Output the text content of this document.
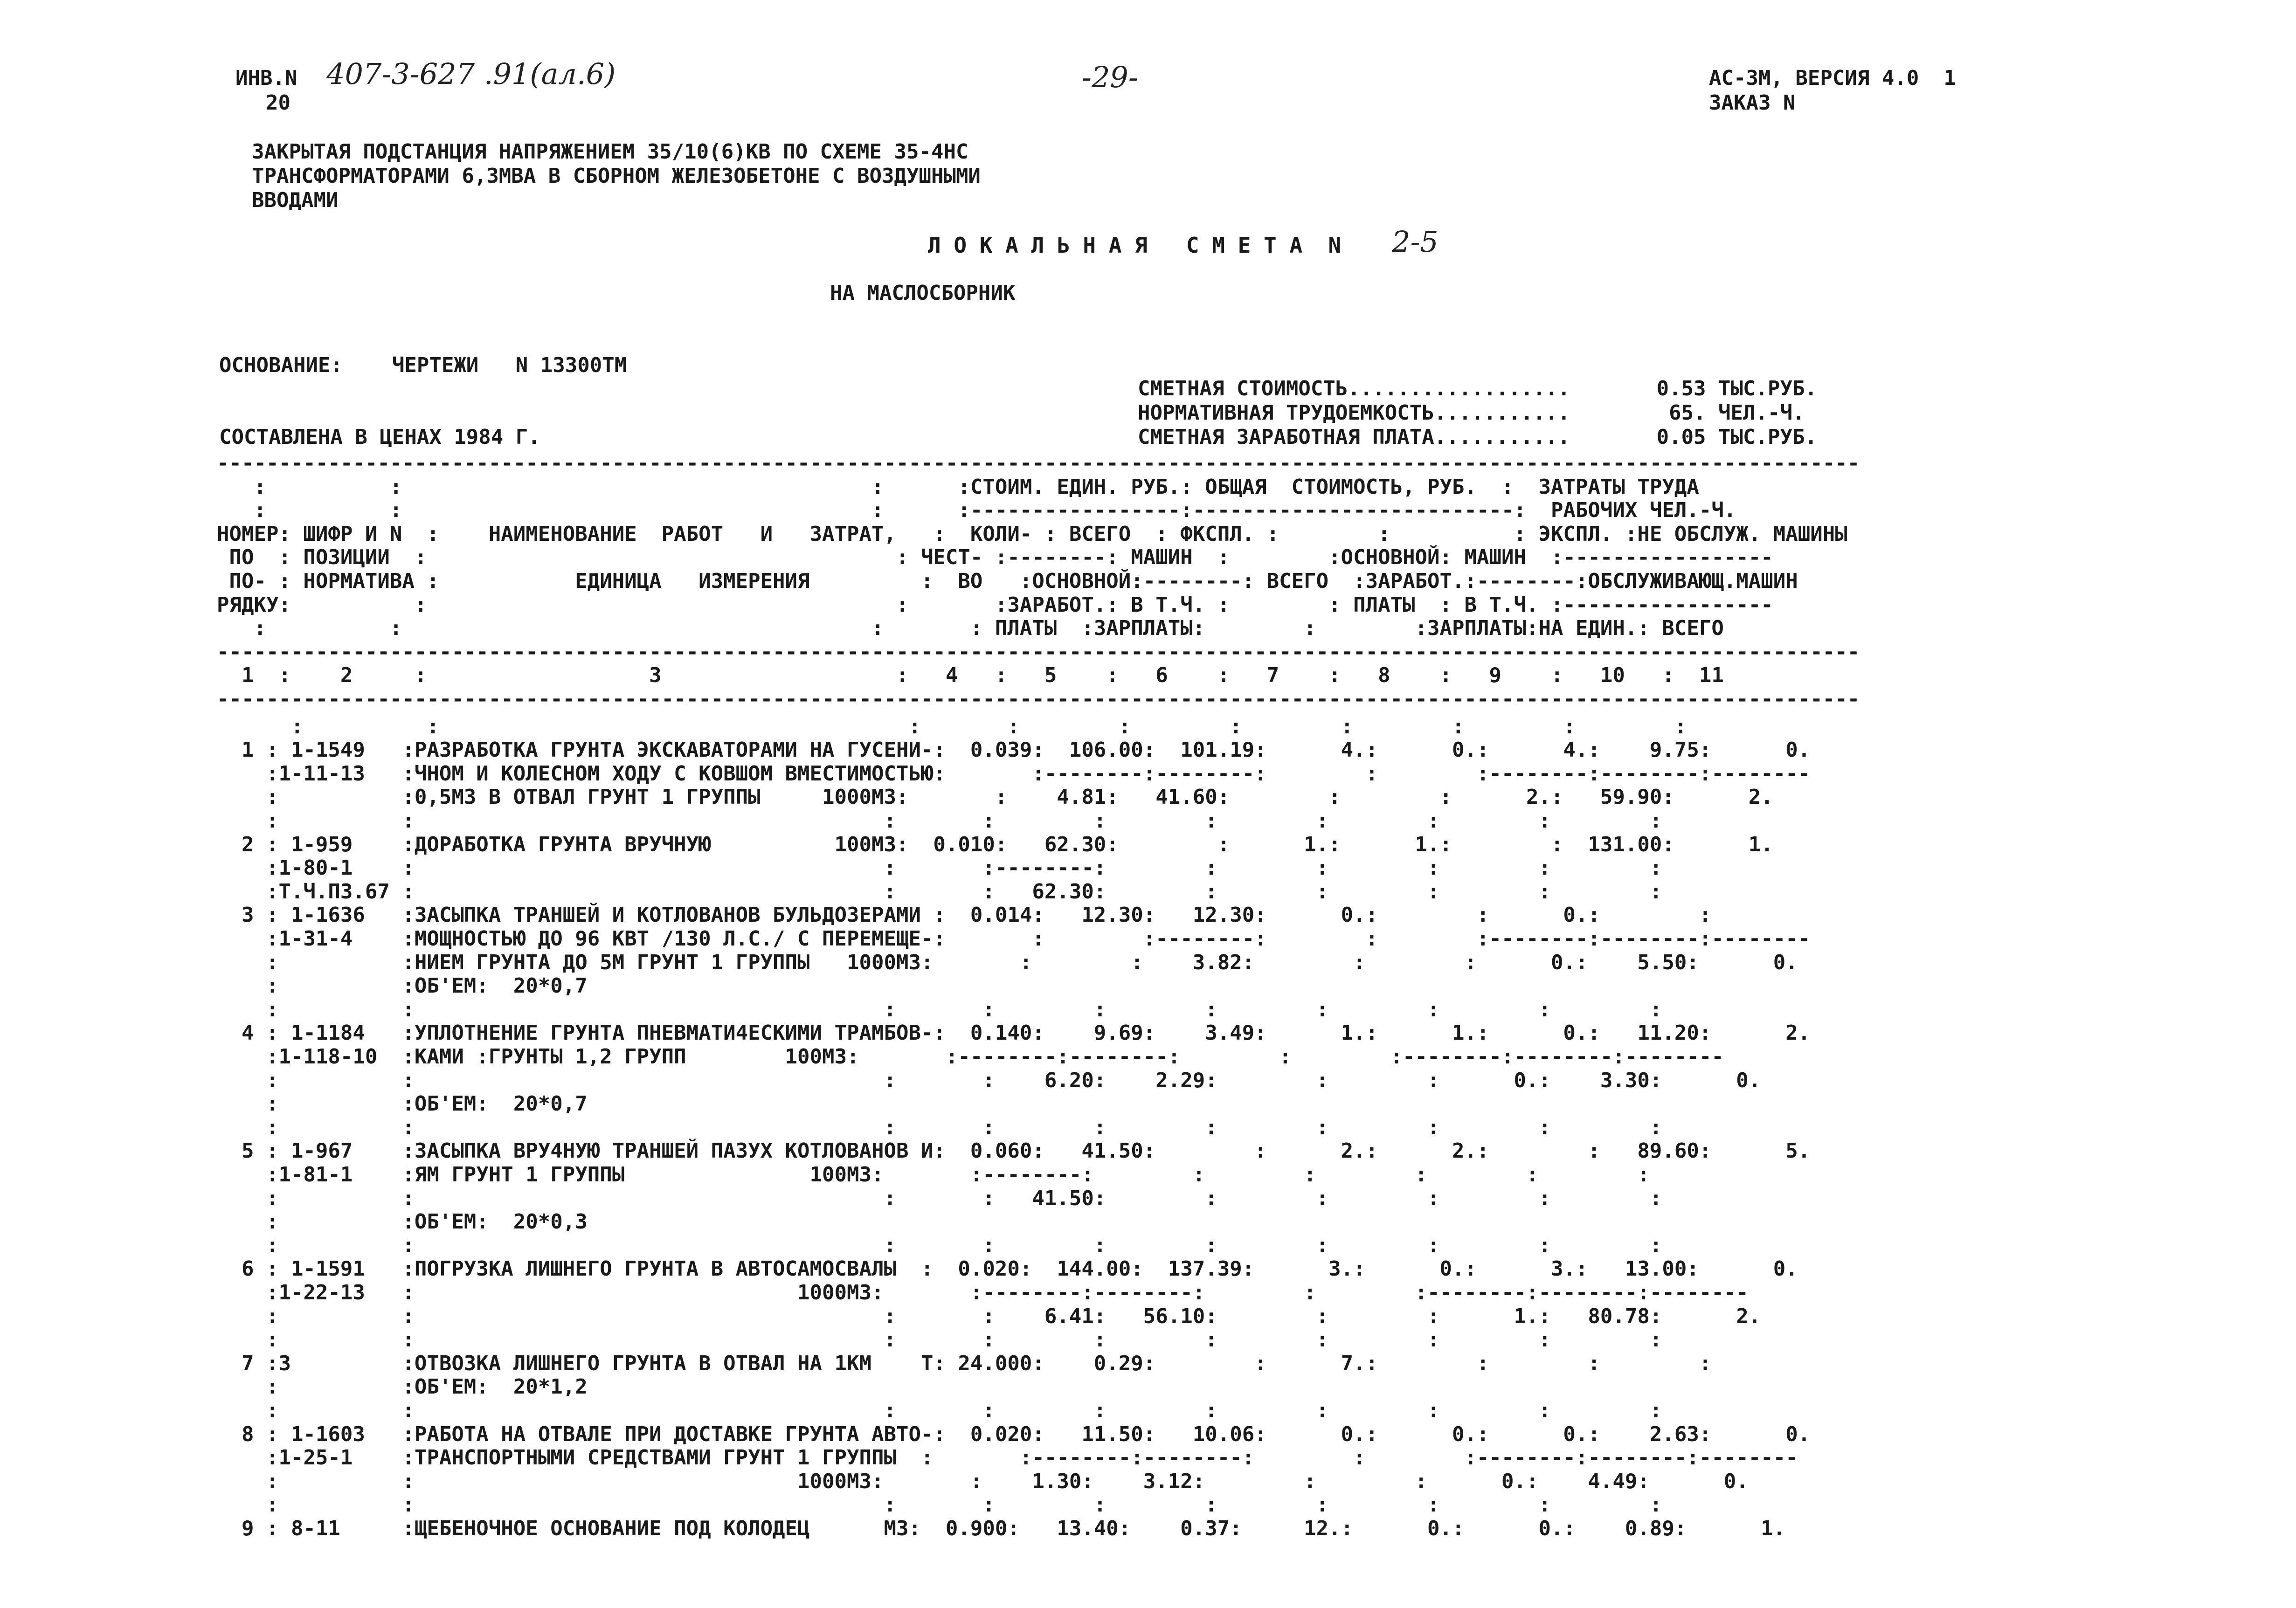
ИНВ.N 407-3-627 .91(ал.6)	-29-
20
АС-3М, ВЕРСИЯ 4.0  1
ЗАКАЗ N
ЗАКРЫТАЯ ПОДСТАНЦИЯ НАПРЯЖЕНИЕМ 35/10(6)КВ ПО СХЕМЕ 35-4НС
ТРАНСФОРМАТОРАМИ 6,3МВА В СБОРНОМ ЖЕЛЕЗОБЕТОНЕ С ВОЗДУШНЫМИ
ВВОДАМИ
Л О К А Л Ь Н А Я   С М Е Т А  N 2-5
НА МАСЛОСБОРНИК
ОСНОВАНИЕ:    ЧЕРТЕЖИ   N 13300ТМ
СМЕТНАЯ СТОИМОСТЬ..................       0.53 ТЫС.РУБ.
НОРМАТИВНАЯ ТРУДОЕМКОСТЬ...........        65. ЧЕЛ.-Ч.
СМЕТНАЯ ЗАРАБОТНАЯ ПЛАТА...........       0.05 ТЫС.РУБ.
СОСТАВЛЕНА В ЦЕНАХ 1984 Г.
-------------------------------------------------------------------------------------------------------------------------------------
:          :                                      :      :СТОИМ. ЕДИН. РУБ.: ОБЩАЯ  СТОИМОСТЬ, РУБ.  :  ЗАТРАТЫ ТРУДА
:          :                                      :      :-----------------:--------------------------:  РАБОЧИХ ЧЕЛ.-Ч.
НОМЕР: ШИФР И N  :    НАИМЕНОВАНИЕ  РАБОТ   И   ЗАТРАТ,   :  КОЛИ- : ВСЕГО  : ФКСПЛ. :        :          : ЭКСПЛ. :НЕ ОБСЛУЖ. МАШИНЫ
ПО  : ПОЗИЦИИ  :                                      : ЧЕСТ- :--------: МАШИН  :        :ОСНОВНОЙ: МАШИН  :-----------------
ПО- : НОРМАТИВА :           ЕДИНИЦА   ИЗМЕРЕНИЯ         :  ВО   :ОСНОВНОЙ:--------: ВСЕГО  :ЗАРАБОТ.:--------:ОБСЛУЖИВАЮЩ.МАШИН
РЯДКУ:          :                                      :       :ЗАРАБОТ.: В Т.Ч. :        : ПЛАТЫ  : В Т.Ч. :-----------------
:          :                                      :       : ПЛАТЫ  :ЗАРПЛАТЫ:        :        :ЗАРПЛАТЫ:НА ЕДИН.: ВСЕГО
-------------------------------------------------------------------------------------------------------------------------------------
1  :    2     :                  3                   :   4   :   5    :   6    :   7    :   8    :   9    :   10   :  11
-------------------------------------------------------------------------------------------------------------------------------------
:          :                                      :       :        :        :        :        :        :        :
1 : 1-1549   :РАЗРАБОТКА ГРУНТА ЭКСКАВАТОРАМИ НА ГУСЕНИ-:  0.039:  106.00:  101.19:      4.:      0.:      4.:    9.75:      0.
:1-11-13   :ЧНОМ И КОЛЕСНОМ ХОДУ С КОВШОМ ВМЕСТИМОСТЬЮ:       :--------:--------:        :        :--------:--------:--------
:          :0,5М3 В ОТВАЛ ГРУНТ 1 ГРУППЫ     1000М3:       :    4.81:   41.60:        :        :      2.:   59.90:      2.
:          :                                      :       :        :        :        :        :        :        :
2 : 1-959    :ДОРАБОТКА ГРУНТА ВРУЧНУЮ          100М3:  0.010:   62.30:        :      1.:      1.:        :  131.00:      1.
:1-80-1    :                                      :       :--------:        :        :        :        :        :
:Т.Ч.П3.67 :                                      :       :   62.30:        :        :        :        :        :
3 : 1-1636   :ЗАСЫПКА ТРАНШЕЙ И КОТЛОВАНОВ БУЛЬДОЗЕРАМИ :  0.014:   12.30:   12.30:      0.:        :      0.:        :
:1-31-4    :МОЩНОСТЬЮ ДО 96 КВТ /130 Л.С./ С ПЕРЕМЕЩЕ-:       :        :--------:        :        :--------:--------:--------
:          :НИЕМ ГРУНТА ДО 5М ГРУНТ 1 ГРУППЫ   1000М3:       :        :    3.82:        :        :      0.:    5.50:      0.
:          :ОБ'ЕМ:  20*0,7
:          :                                      :       :        :        :        :        :        :        :
4 : 1-1184   :УПЛОТНЕНИЕ ГРУНТА ПНЕВМАТИ4ЕСКИМИ ТРАМБОВ-:  0.140:    9.69:    3.49:      1.:      1.:      0.:   11.20:      2.
:1-118-10  :КАМИ :ГРУНТЫ 1,2 ГРУПП        100М3:       :--------:--------:        :        :--------:--------:--------
:          :                                      :       :    6.20:    2.29:        :        :      0.:    3.30:      0.
:          :ОБ'ЕМ:  20*0,7
:          :                                      :       :        :        :        :        :        :        :
5 : 1-967    :ЗАСЫПКА ВРУ4НУЮ ТРАНШЕЙ ПАЗУХ КОТЛОВАНОВ И:  0.060:   41.50:        :      2.:      2.:        :   89.60:      5.
:1-81-1    :ЯМ ГРУНТ 1 ГРУППЫ               100М3:       :--------:        :        :        :        :        :
:          :                                      :       :   41.50:        :        :        :        :        :
:          :ОБ'ЕМ:  20*0,3
:          :                                      :       :        :        :        :        :        :        :
6 : 1-1591   :ПОГРУЗКА ЛИШНЕГО ГРУНТА В АВТОСАМОСВАЛЫ  :  0.020:  144.00:  137.39:      3.:      0.:      3.:   13.00:      0.
:1-22-13   :                               1000М3:       :--------:--------:        :        :--------:--------:--------
:          :                                      :       :    6.41:   56.10:        :        :      1.:   80.78:      2.
:          :                                      :       :        :        :        :        :        :        :
7 :3         :ОТВОЗКА ЛИШНЕГО ГРУНТА В ОТВАЛ НА 1КМ    Т: 24.000:    0.29:        :      7.:        :        :        :
:          :ОБ'ЕМ:  20*1,2
:          :                                      :       :        :        :        :        :        :        :
8 : 1-1603   :РАБОТА НА ОТВАЛЕ ПРИ ДОСТАВКЕ ГРУНТА АВТО-:  0.020:   11.50:   10.06:      0.:      0.:      0.:    2.63:      0.
:1-25-1    :ТРАНСПОРТНЫМИ СРЕДСТВАМИ ГРУНТ 1 ГРУППЫ  :       :--------:--------:        :        :--------:--------:--------
:          :                               1000М3:       :    1.30:    3.12:        :        :      0.:    4.49:      0.
:          :                                      :       :        :        :        :        :        :        :
9 : 8-11     :ЩЕБЕНОЧНОЕ ОСНОВАНИЕ ПОД КОЛОДЕЦ      М3:  0.900:   13.40:    0.37:     12.:      0.:      0.:    0.89:      1.
